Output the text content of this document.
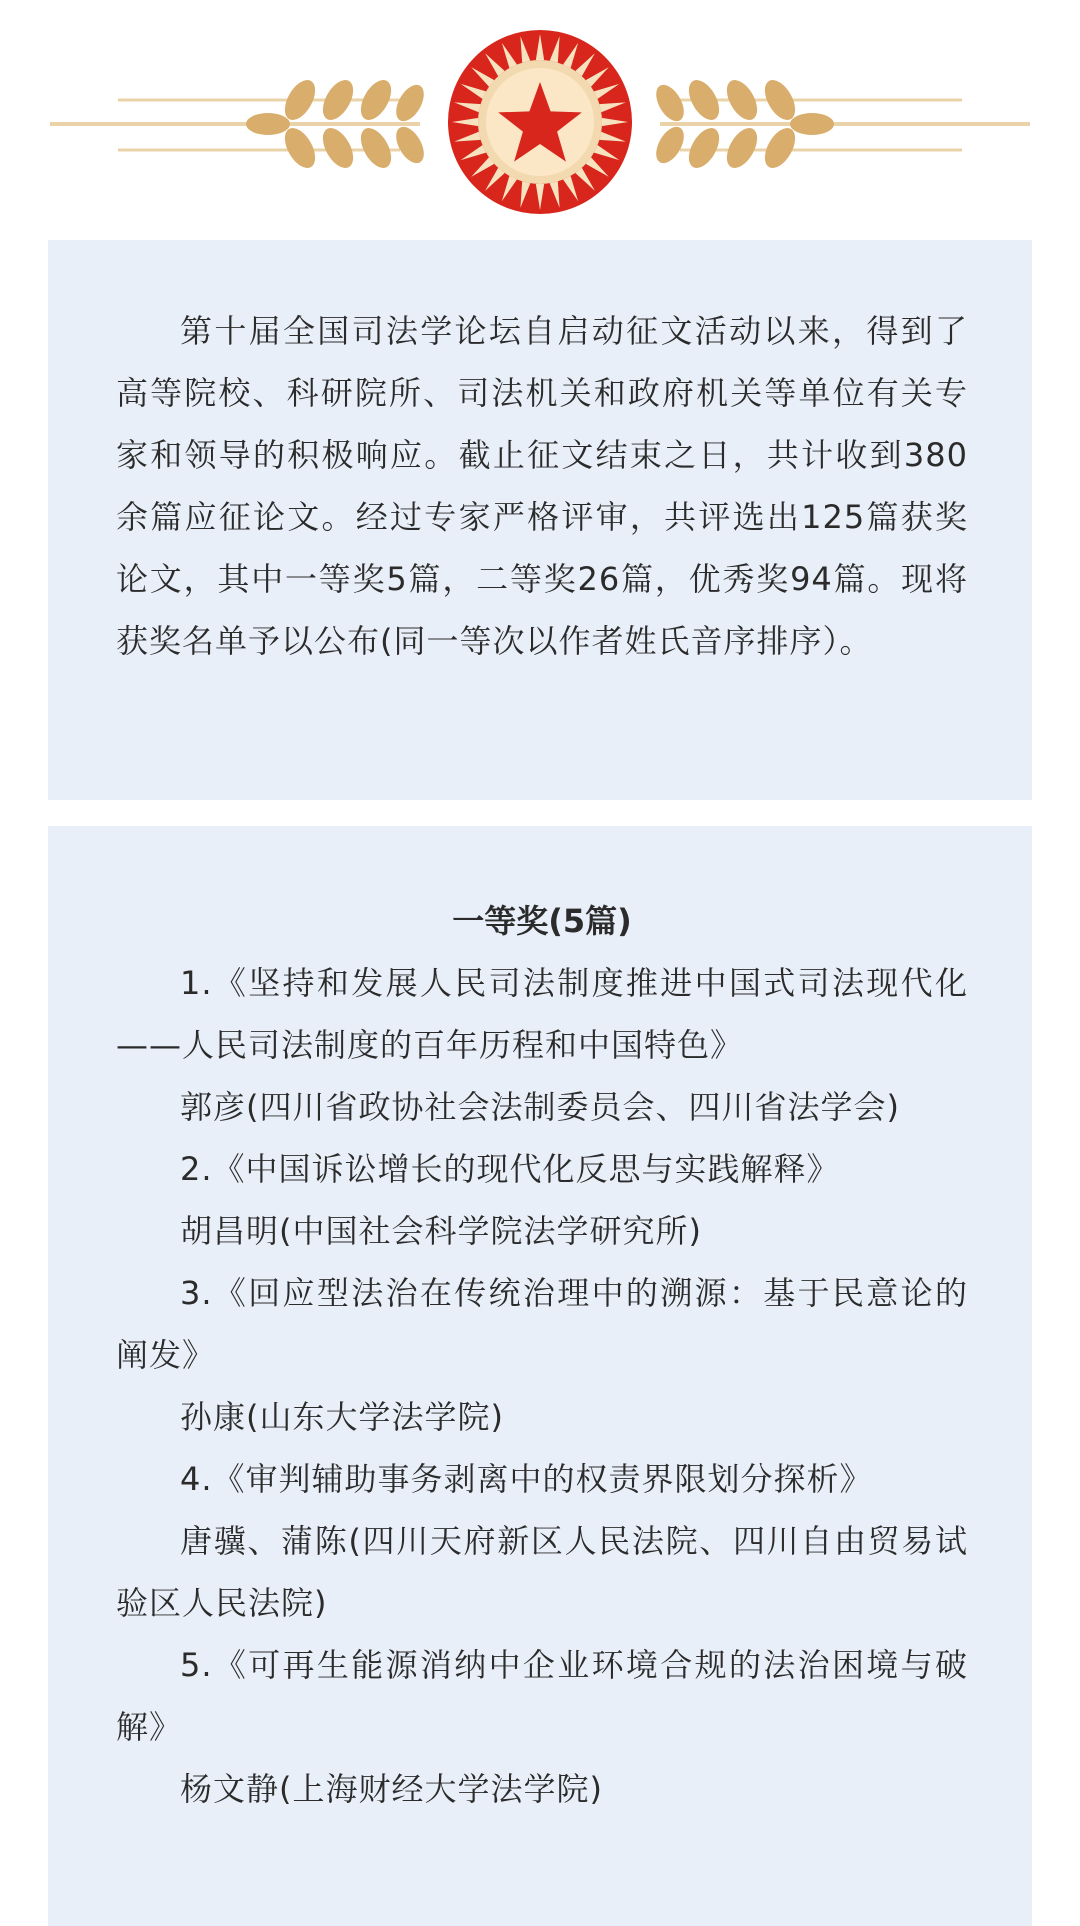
第十届全国司法学论坛自启动征文活动以来，得到了高等院校、科研院所、司法机关和政府机关等单位有关专家和领导的积极响应。截止征文结束之日，共计收到380余篇应征论文。经过专家严格评审，共评选出125篇获奖论文，其中一等奖5篇，二等奖26篇，优秀奖94篇。现将获奖名单予以公布(同一等次以作者姓氏音序排序）。

一等奖(5篇)

1.《坚持和发展人民司法制度推进中国式司法现代化——人民司法制度的百年历程和中国特色》

郭彦(四川省政协社会法制委员会、四川省法学会)

2.《中国诉讼增长的现代化反思与实践解释》

胡昌明(中国社会科学院法学研究所)

3.《回应型法治在传统治理中的溯源：基于民意论的阐发》

孙康(山东大学法学院)

4.《审判辅助事务剥离中的权责界限划分探析》

唐骥、蒲陈(四川天府新区人民法院、四川自由贸易试验区人民法院)

5.《可再生能源消纳中企业环境合规的法治困境与破解》

杨文静(上海财经大学法学院)
